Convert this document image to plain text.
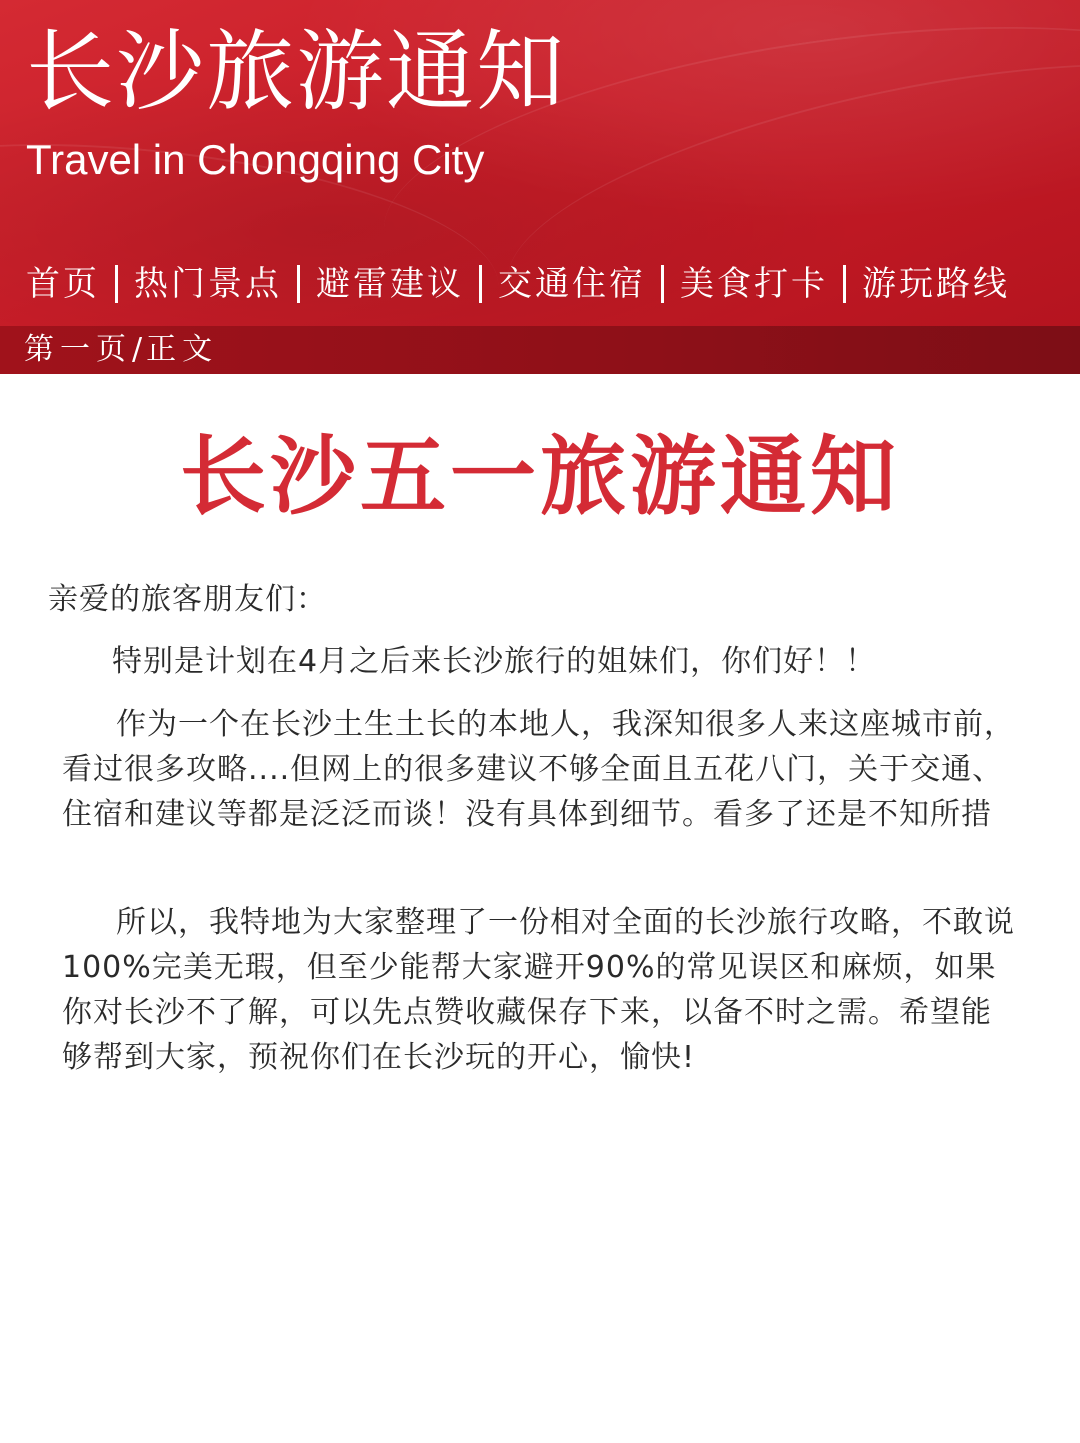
长沙旅游通知

Travel in Chongqing City

首页 热门景点 避雷建议 交通住宿 美食打卡 游玩路线
第一页 / 正文
长沙五一旅游通知

亲爱的旅客朋友们：

特别是计划在4月之后来长沙旅行的姐妹们，你们好！！

作为一个在长沙土生土长的本地人，我深知很多人来这座城市前，看过很多攻略....但网上的很多建议不够全面且五花八门，关于交通、住宿和建议等都是泛泛而谈！没有具体到细节。看多了还是不知所措

所以，我特地为大家整理了一份相对全面的长沙旅行攻略，不敢说100%完美无瑕，但至少能帮大家避开90%的常见误区和麻烦，如果你对长沙不了解，可以先点赞收藏保存下来，以备不时之需。希望能够帮到大家，预祝你们在长沙玩的开心，愉快!
